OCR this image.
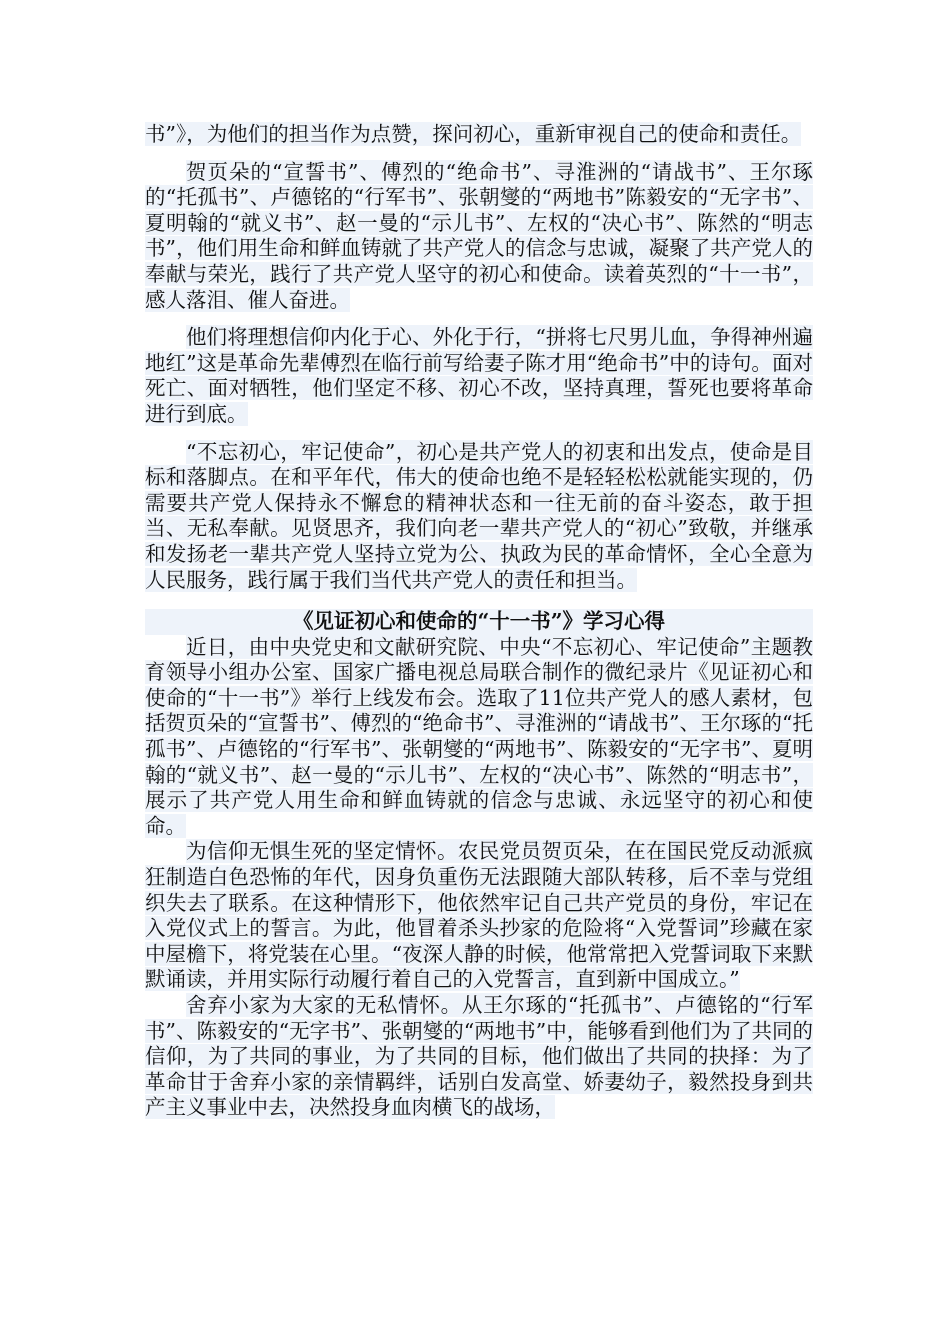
书”》，为他们的担当作为点赞，探问初心，重新审视自己的使命和责任。

贺页朵的“宣誓书”、傅烈的“绝命书”、寻淮洲的“请战书”、王尔琢的“托孤书”、卢德铭的“行军书”、张朝燮的“两地书”陈毅安的“无字书”、夏明翰的“就义书”、赵一曼的“示儿书”、左权的“决心书”、陈然的“明志书”，他们用生命和鲜血铸就了共产党人的信念与忠诚，凝聚了共产党人的奉献与荣光，践行了共产党人坚守的初心和使命。读着英烈的“十一书”，感人落泪、催人奋进。

他们将理想信仰内化于心、外化于行，“拼将七尺男儿血，争得神州遍地红”这是革命先辈傅烈在临行前写给妻子陈才用“绝命书”中的诗句。面对死亡、面对牺牲，他们坚定不移、初心不改，坚持真理，誓死也要将革命进行到底。

“不忘初心，牢记使命”，初心是共产党人的初衷和出发点，使命是目标和落脚点。在和平年代，伟大的使命也绝不是轻轻松松就能实现的，仍需要共产党人保持永不懈怠的精神状态和一往无前的奋斗姿态，敢于担当、无私奉献。见贤思齐，我们向老一辈共产党人的“初心”致敬，并继承和发扬老一辈共产党人坚持立党为公、执政为民的革命情怀，全心全意为人民服务，践行属于我们当代共产党人的责任和担当。

《见证初心和使命的“十一书”》学习心得

近日，由中央党史和文献研究院、中央“不忘初心、牢记使命”主题教育领导小组办公室、国家广播电视总局联合制作的微纪录片《见证初心和使命的“十一书”》举行上线发布会。选取了11位共产党人的感人素材，包括贺页朵的“宣誓书”、傅烈的“绝命书”、寻淮洲的“请战书”、王尔琢的“托孤书”、卢德铭的“行军书”、张朝燮的“两地书”、陈毅安的“无字书”、夏明翰的“就义书”、赵一曼的“示儿书”、左权的“决心书”、陈然的“明志书”，展示了共产党人用生命和鲜血铸就的信念与忠诚、永远坚守的初心和使命。

为信仰无惧生死的坚定情怀。农民党员贺页朵，在在国民党反动派疯狂制造白色恐怖的年代，因身负重伤无法跟随大部队转移，后不幸与党组织失去了联系。在这种情形下，他依然牢记自己共产党员的身份，牢记在入党仪式上的誓言。为此，他冒着杀头抄家的危险将“入党誓词”珍藏在家中屋檐下，将党装在心里。“夜深人静的时候，他常常把入党誓词取下来默默诵读，并用实际行动履行着自己的入党誓言，直到新中国成立。”

舍弃小家为大家的无私情怀。从王尔琢的“托孤书”、卢德铭的“行军书”、陈毅安的“无字书”、张朝燮的“两地书”中，能够看到他们为了共同的信仰，为了共同的事业，为了共同的目标，他们做出了共同的抉择：为了革命甘于舍弃小家的亲情羁绊，话别白发高堂、娇妻幼子，毅然投身到共产主义事业中去，决然投身血肉横飞的战场，
